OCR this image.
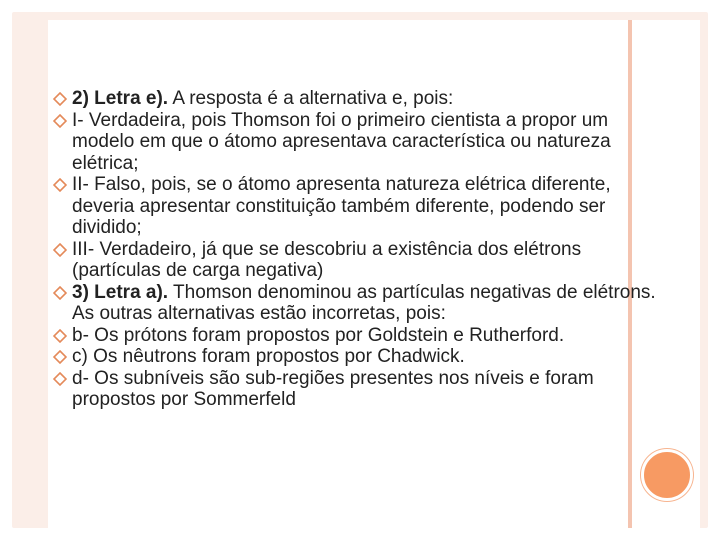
2) Letra e). A resposta é a alternativa e, pois:
I- Verdadeira, pois Thomson foi o primeiro cientista a propor um modelo em que o átomo apresentava característica ou natureza elétrica;
II- Falso, pois, se o átomo apresenta natureza elétrica diferente, deveria apresentar constituição também diferente, podendo ser dividido;
III- Verdadeiro, já que se descobriu a existência dos elétrons (partículas de carga negativa)
3) Letra a). Thomson denominou as partículas negativas de elétrons. As outras alternativas estão incorretas, pois:
b- Os prótons foram propostos por Goldstein e Rutherford.
c) Os nêutrons foram propostos por Chadwick.
d- Os subníveis são sub-regiões presentes nos níveis e foram propostos por Sommerfeld
